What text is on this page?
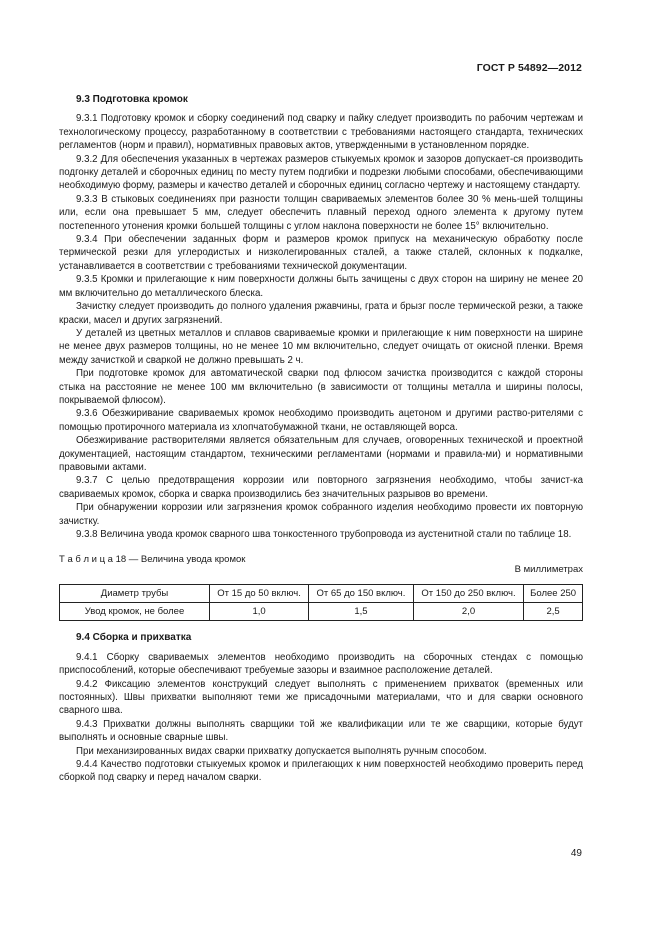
ГОСТ Р 54892—2012
9.3 Подготовка кромок

9.3.1 Подготовку кромок и сборку соединений под сварку и пайку следует производить по рабочим чертежам и технологическому процессу, разработанному в соответствии с требованиями настоящего стандарта, технических регламентов (норм и правил), нормативных правовых актов, утвержденными в установленном порядке.

9.3.2 Для обеспечения указанных в чертежах размеров стыкуемых кромок и зазоров допускает-ся производить подгонку деталей и сборочных единиц по месту путем подгибки и подрезки любыми способами, обеспечивающими необходимую форму, размеры и качество деталей и сборочных единиц согласно чертежу и настоящему стандарту.

9.3.3 В стыковых соединениях при разности толщин свариваемых элементов более 30 % мень-шей толщины или, если она превышает 5 мм, следует обеспечить плавный переход одного элемента к другому путем постепенного утонения кромки большей толщины с углом наклона поверхности не более 15° включительно.

9.3.4 При обеспечении заданных форм и размеров кромок припуск на механическую обработку после термической резки для углеродистых и низколегированных сталей, а также сталей, склонных к подкалке, устанавливается в соответствии с требованиями технической документации.

9.3.5 Кромки и прилегающие к ним поверхности должны быть зачищены с двух сторон на ширину не менее 20 мм включительно до металлического блеска.

Зачистку следует производить до полного удаления ржавчины, грата и брызг после термической резки, а также краски, масел и других загрязнений.

У деталей из цветных металлов и сплавов свариваемые кромки и прилегающие к ним поверхности на ширине не менее двух размеров толщины, но не менее 10 мм включительно, следует очищать от окисной пленки. Время между зачисткой и сваркой не должно превышать 2 ч.

При подготовке кромок для автоматической сварки под флюсом зачистка производится с каждой стороны стыка на расстояние не менее 100 мм включительно (в зависимости от толщины металла и ширины полосы, покрываемой флюсом).

9.3.6 Обезжиривание свариваемых кромок необходимо производить ацетоном и другими раство-рителями с помощью протирочного материала из хлопчатобумажной ткани, не оставляющей ворса.

Обезжиривание растворителями является обязательным для случаев, оговоренных технической и проектной документацией, настоящим стандартом, техническими регламентами (нормами и правила-ми) и нормативными правовыми актами.

9.3.7 С целью предотвращения коррозии или повторного загрязнения необходимо, чтобы зачист-ка свариваемых кромок, сборка и сварка производились без значительных разрывов во времени.

При обнаружении коррозии или загрязнения кромок собранного изделия необходимо провести их повторную зачистку.

9.3.8 Величина увода кромок сварного шва тонкостенного трубопровода из аустенитной стали по таблице 18.

Т а б л и ц а 18 — Величина увода кромок
В миллиметрах
Диаметр трубы	От 15 до 50 включ.	От 65 до 150 включ.	От 150 до 250 включ.	Более 250
Увод кромок, не более	1,0	1,5	2,0	2,5
9.4 Сборка и прихватка

9.4.1 Сборку свариваемых элементов необходимо производить на сборочных стендах с помощью приспособлений, которые обеспечивают требуемые зазоры и взаимное расположение деталей.

9.4.2 Фиксацию элементов конструкций следует выполнять с применением прихваток (временных или постоянных). Швы прихватки выполняют теми же присадочными материалами, что и для сварки основного сварного шва.

9.4.3 Прихватки должны выполнять сварщики той же квалификации или те же сварщики, которые будут выполнять и основные сварные швы.

При механизированных видах сварки прихватку допускается выполнять ручным способом.

9.4.4 Качество подготовки стыкуемых кромок и прилегающих к ним поверхностей необходимо проверить перед сборкой под сварку и перед началом сварки.

49
